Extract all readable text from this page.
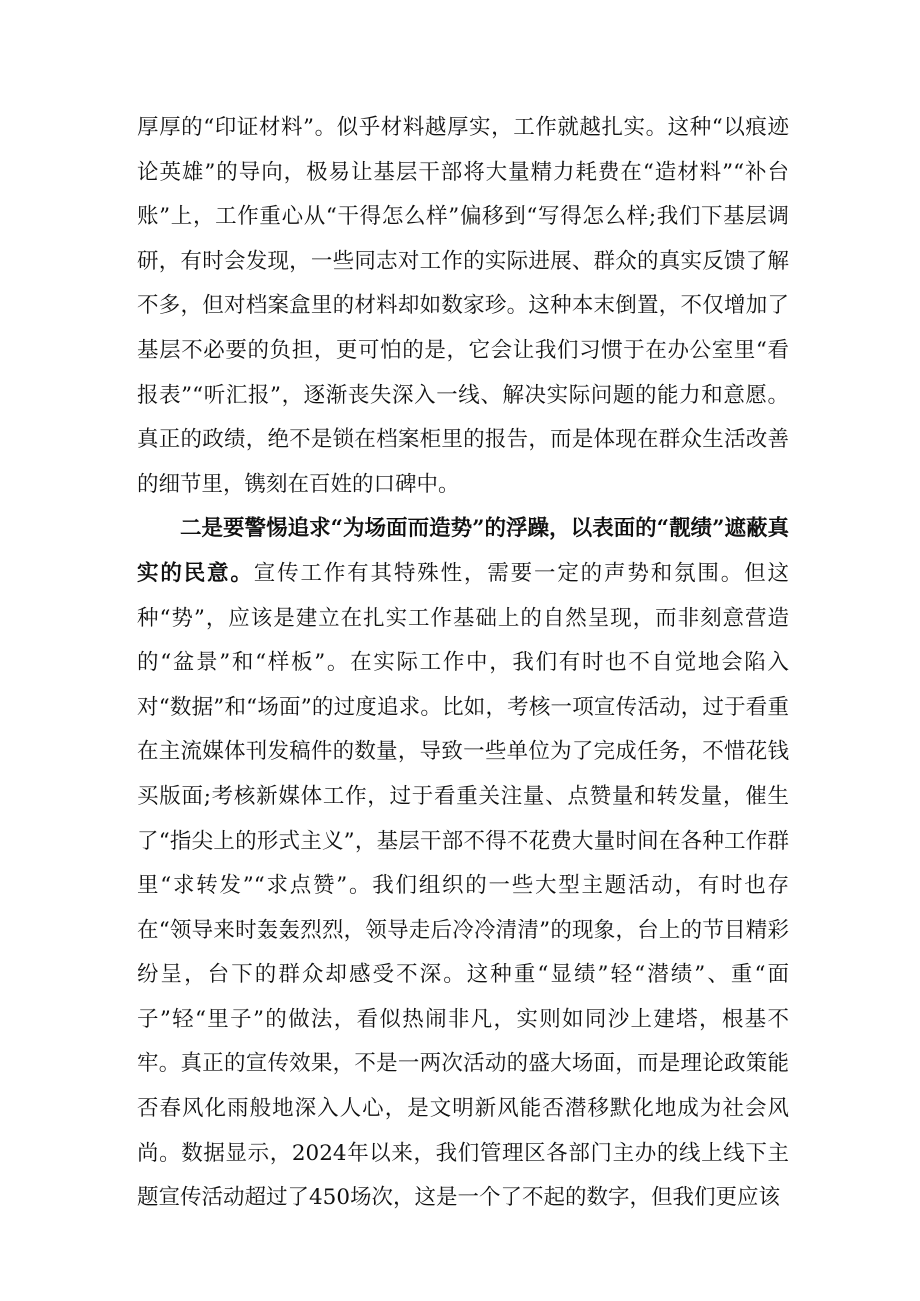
厚厚的“印证材料”。似乎材料越厚实，工作就越扎实。这种“以痕迹论英雄”的导向，极易让基层干部将大量精力耗费在“造材料”“补台账”上，工作重心从“干得怎么样”偏移到“写得怎么样;我们下基层调研，有时会发现，一些同志对工作的实际进展、群众的真实反馈了解不多，但对档案盒里的材料却如数家珍。这种本末倒置，不仅增加了基层不必要的负担，更可怕的是，它会让我们习惯于在办公室里“看报表”“听汇报”，逐渐丧失深入一线、解决实际问题的能力和意愿。真正的政绩，绝不是锁在档案柜里的报告，而是体现在群众生活改善的细节里，镌刻在百姓的口碑中。

二是要警惕追求“为场面而造势”的浮躁，以表面的“靓绩”遮蔽真实的民意。宣传工作有其特殊性，需要一定的声势和氛围。但这种“势”，应该是建立在扎实工作基础上的自然呈现，而非刻意营造的“盆景”和“样板”。在实际工作中，我们有时也不自觉地会陷入对“数据”和“场面”的过度追求。比如，考核一项宣传活动，过于看重在主流媒体刊发稿件的数量，导致一些单位为了完成任务，不惜花钱买版面;考核新媒体工作，过于看重关注量、点赞量和转发量，催生了“指尖上的形式主义”，基层干部不得不花费大量时间在各种工作群里“求转发”“求点赞”。我们组织的一些大型主题活动，有时也存在“领导来时轰轰烈烈，领导走后冷冷清清”的现象，台上的节目精彩纷呈，台下的群众却感受不深。这种重“显绩”轻“潜绩”、重“面子”轻“里子”的做法，看似热闹非凡，实则如同沙上建塔，根基不牢。真正的宣传效果，不是一两次活动的盛大场面，而是理论政策能否春风化雨般地深入人心，是文明新风能否潜移默化地成为社会风尚。数据显示，2024年以来，我们管理区各部门主办的线上线下主题宣传活动超过了450场次，这是一个了不起的数字，但我们更应该
